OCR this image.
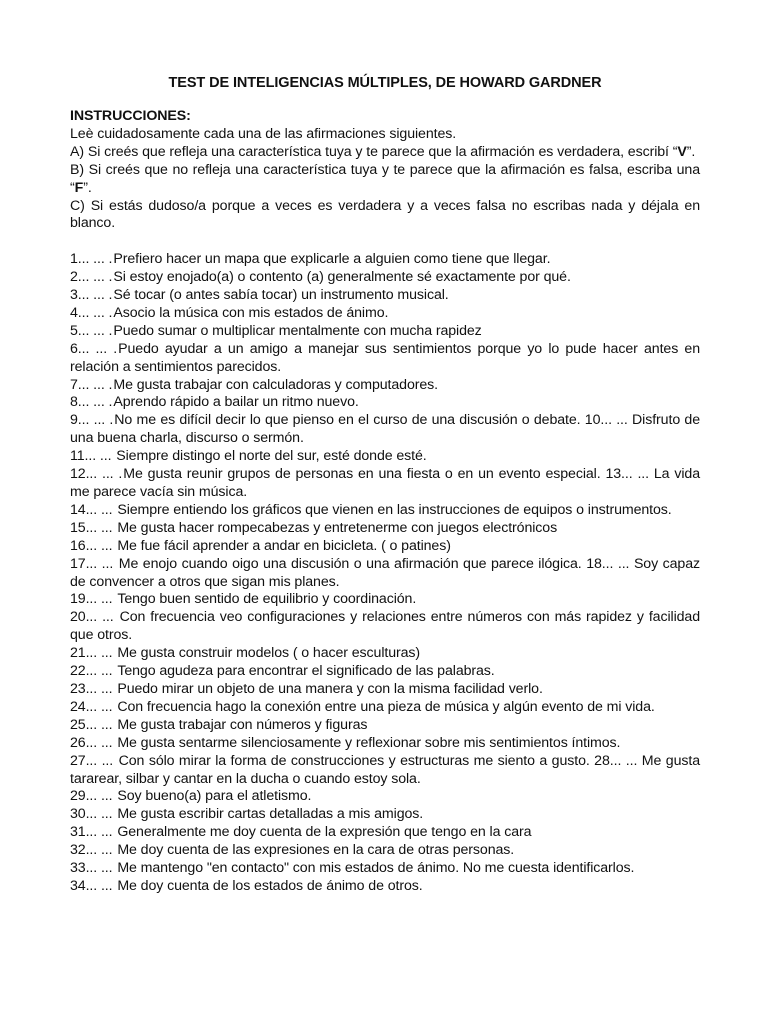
TEST DE INTELIGENCIAS MÚLTIPLES, DE HOWARD GARDNER
INSTRUCCIONES:
Leè cuidadosamente cada una de las afirmaciones siguientes.
A) Si creés que refleja una característica tuya y te parece que la afirmación es verdadera, escribí “V”.
B) Si creés que no refleja una característica tuya y te parece que la afirmación es falsa, escriba una “F”.
C) Si estás dudoso/a porque a veces es verdadera y a veces falsa no escribas nada y déjala en blanco.
1... ... .Prefiero hacer un mapa que explicarle a alguien como tiene que llegar.
2... ... .Si estoy enojado(a) o contento (a) generalmente sé exactamente por qué.
3... ... .Sé tocar (o antes sabía tocar) un instrumento musical.
4... ... .Asocio la música con mis estados de ánimo.
5... ... .Puedo sumar o multiplicar mentalmente con mucha rapidez
6... ... .Puedo ayudar a un amigo a manejar sus sentimientos porque yo lo pude hacer antes en relación a sentimientos parecidos.
7... ... .Me gusta trabajar con calculadoras y computadores.
8... ... .Aprendo rápido a bailar un ritmo nuevo.
9... ... .No me es difícil decir lo que pienso en el curso de una discusión o debate. 10... ... Disfruto de una buena charla, discurso o sermón.
11... ... Siempre distingo el norte del sur, esté donde esté.
12... ... .Me gusta reunir grupos de personas en una fiesta o en un evento especial. 13... ... La vida me parece vacía sin música.
14... ... Siempre entiendo los gráficos que vienen en las instrucciones de equipos o instrumentos.
15... ... Me gusta hacer rompecabezas y entretenerme con juegos electrónicos
16... ... Me fue fácil aprender a andar en bicicleta. ( o patines)
17... ... Me enojo cuando oigo una discusión o una afirmación que parece ilógica. 18... ... Soy capaz de convencer a otros que sigan mis planes.
19... ... Tengo buen sentido de equilibrio y coordinación.
20... ... Con frecuencia veo configuraciones y relaciones entre números con más rapidez y facilidad que otros.
21... ... Me gusta construir modelos ( o hacer esculturas)
22... ... Tengo agudeza para encontrar el significado de las palabras.
23... ... Puedo mirar un objeto de una manera y con la misma facilidad verlo.
24... ... Con frecuencia hago la conexión entre una pieza de música y algún evento de mi vida.
25... ... Me gusta trabajar con números y figuras
26... ... Me gusta sentarme silenciosamente y reflexionar sobre mis sentimientos íntimos.
27... ... Con sólo mirar la forma de construcciones y estructuras me siento a gusto. 28... ... Me gusta tararear, silbar y cantar en la ducha o cuando estoy sola.
29... ... Soy bueno(a) para el atletismo.
30... ... Me gusta escribir cartas detalladas a mis amigos.
31... ... Generalmente me doy cuenta de la expresión que tengo en la cara
32... ... Me doy cuenta de las expresiones en la cara de otras personas.
33... ... Me mantengo "en contacto" con mis estados de ánimo. No me cuesta identificarlos.
34... ... Me doy cuenta de los estados de ánimo de otros.
